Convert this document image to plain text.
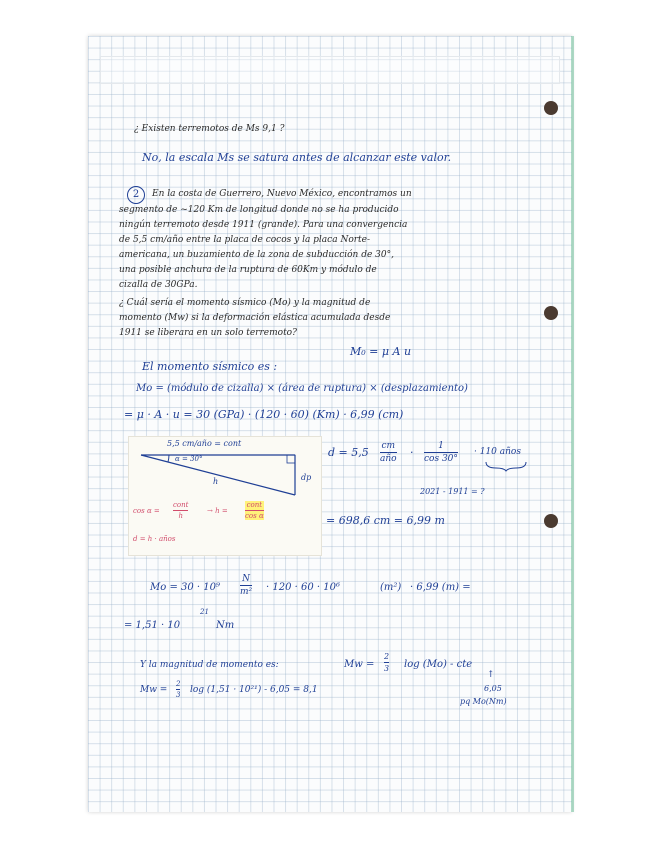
¿ Existen terremotos de Ms 9,1 ?
No, la escala Ms se satura antes de alcanzar este valor.
2	En la costa de Guerrero, Nuevo México, encontramos un
segmento de ~120 Km de longitud donde no se ha producido
ningún terremoto desde 1911 (grande). Para una convergencia
de 5,5 cm/año entre la placa de cocos y la placa Norte-
americana, un buzamiento de la zona de subducción de 30°,
una posible anchura de la ruptura de 60Km y módulo de
cizalla de 30GPa.
¿ Cuál sería el momento sísmico (Mo) y la magnitud de
momento (Mw) si la deformación elástica acumulada desde
1911 se liberara en un solo terremoto?
M₀ = μ A u
El momento sísmico es :
Mo = (módulo de cizalla) × (área de ruptura) × (desplazamiento)
= μ · A · u = 30 (GPa) · (120 · 60) (Km) · 6,99 (cm)
5,5 cm/año = cont
α = 30°
h	dp
cos α =
cont
h
→ h =
cont
cos α
d = h · años
d = 5,5 cm
año ·	1
cos 30°
· 110 años
2021 - 1911 = ?
= 698,6 cm = 6,99 m
Mo = 30 · 10⁹
N
m² · 120 · 60 · 10⁶	(m²) · 6,99 (m) =
21
= 1,51 · 10	Nm
Y la magnitud de momento es:	Mw =
2
3 log (Mo) - cte
↑
6,05
pq Mo(Nm)
Mw =
2
3 log (1,51 · 10²¹) - 6,05 = 8,1
